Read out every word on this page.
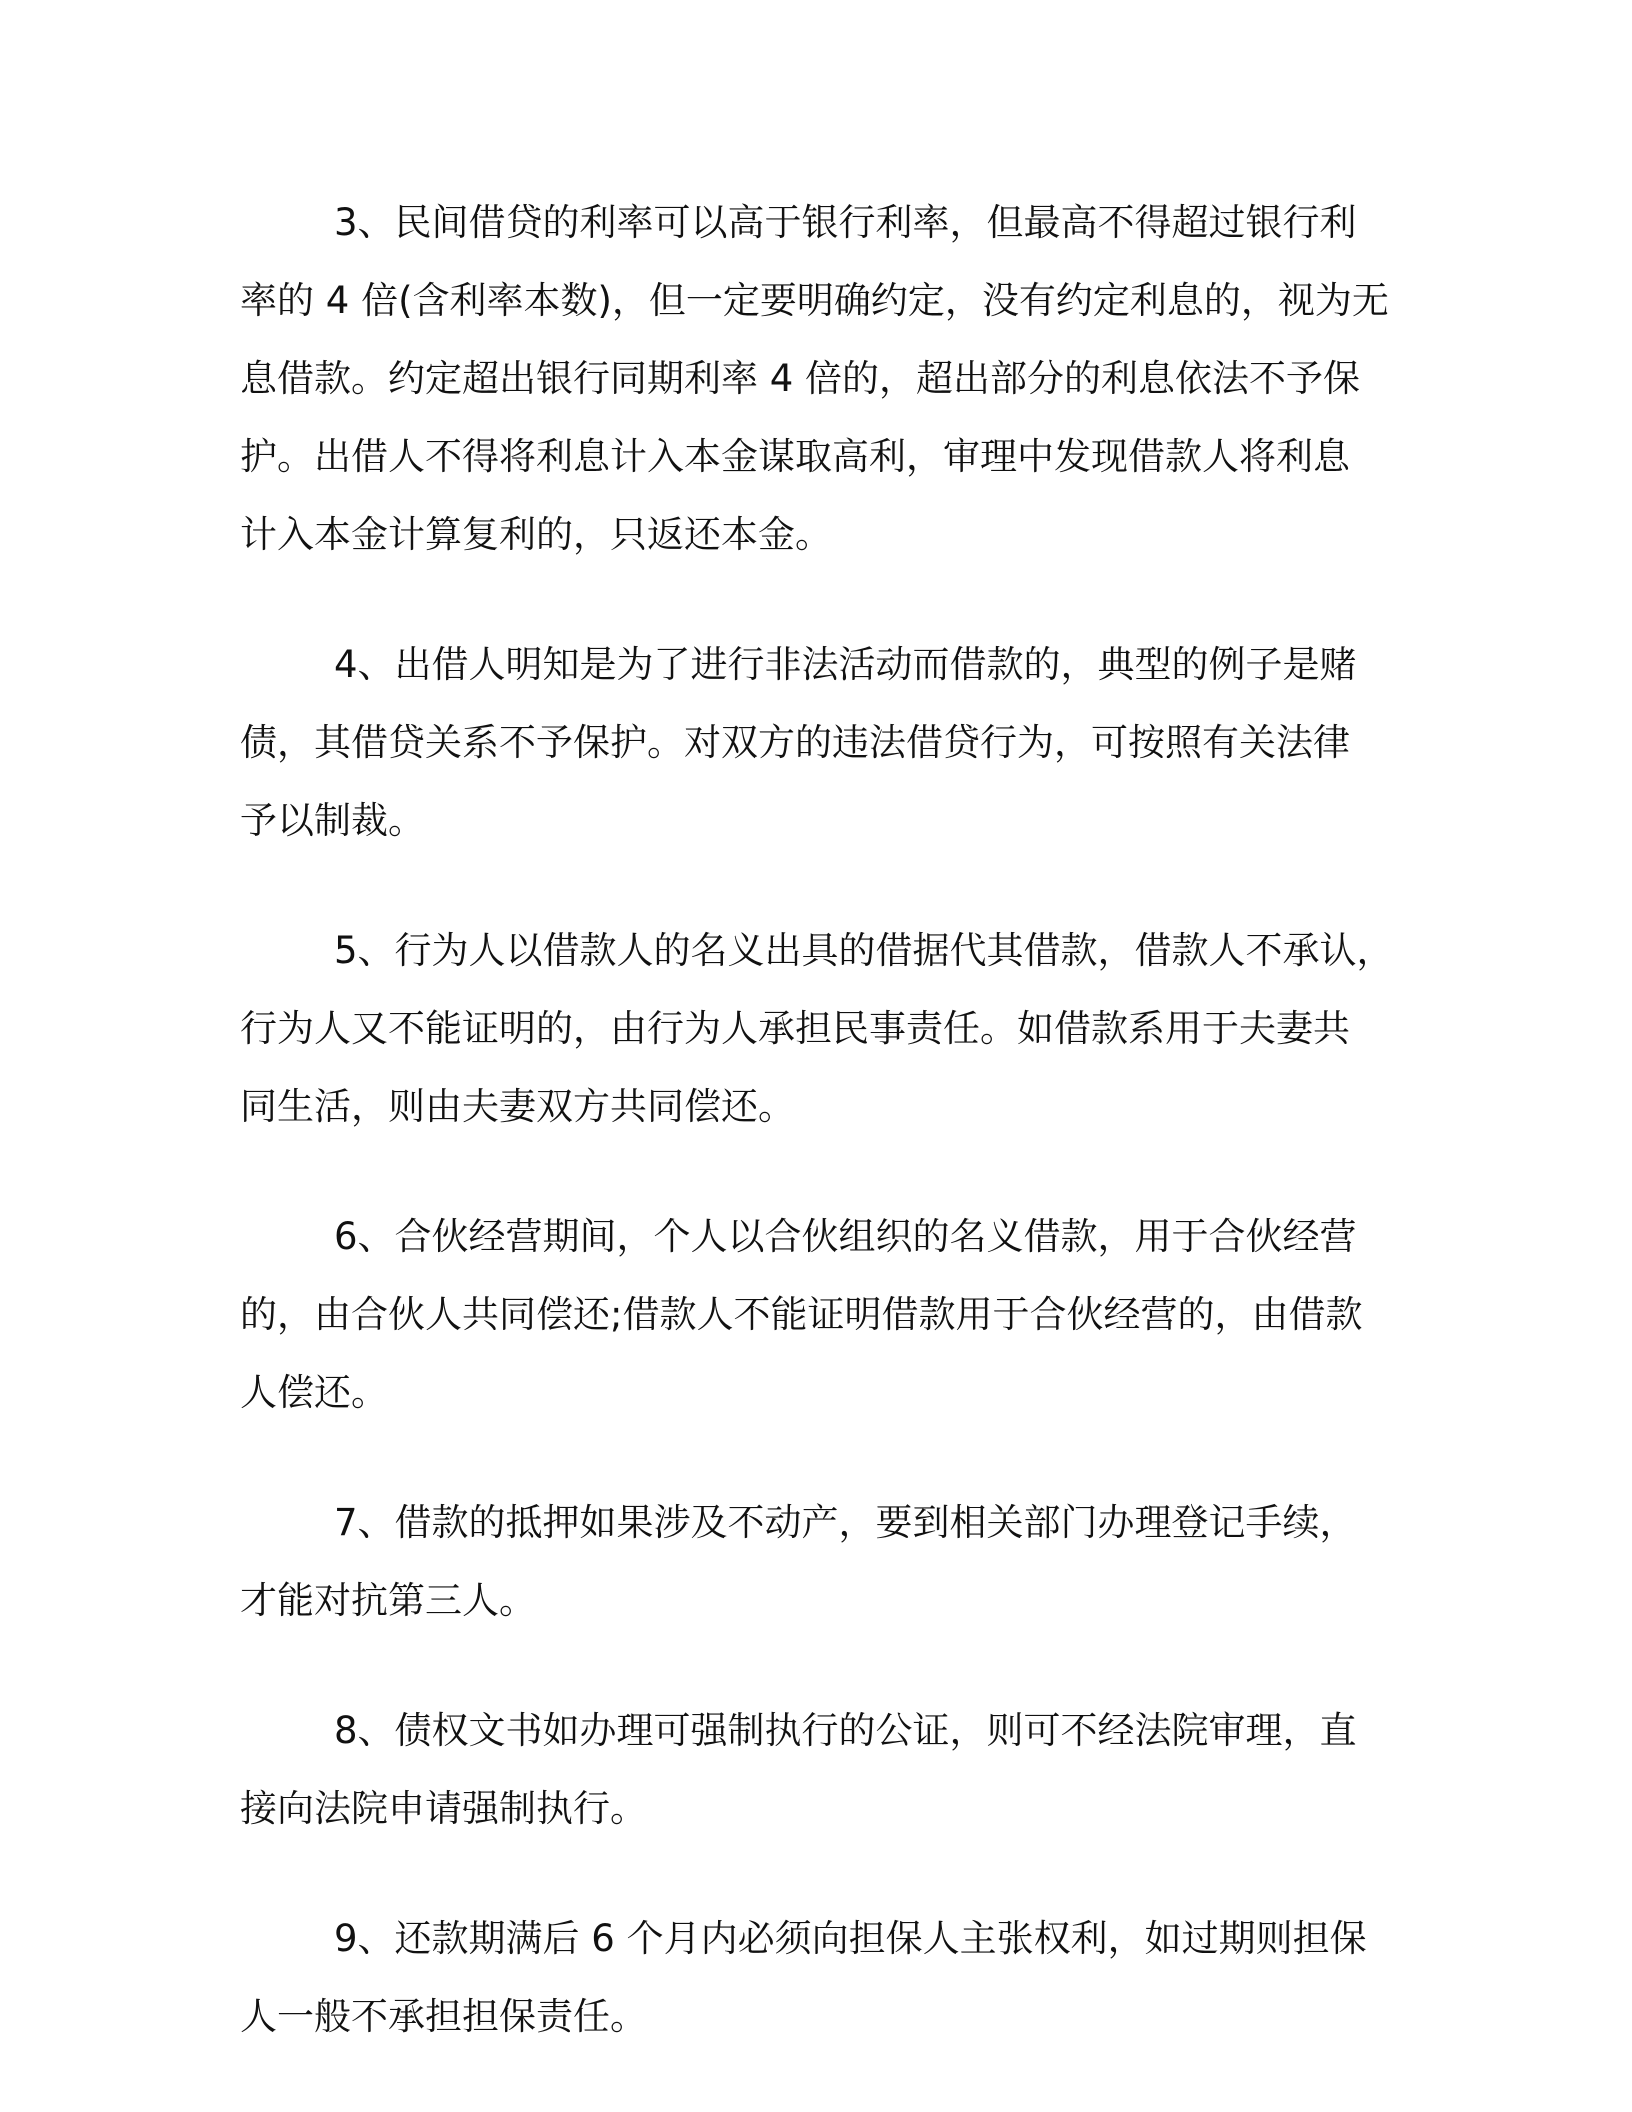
3、民间借贷的利率可以高于银行利率，但最高不得超过银行利
率的 4 倍(含利率本数)，但一定要明确约定，没有约定利息的，视为无
息借款。约定超出银行同期利率 4 倍的，超出部分的利息依法不予保
护。出借人不得将利息计入本金谋取高利，审理中发现借款人将利息
计入本金计算复利的，只返还本金。

4、出借人明知是为了进行非法活动而借款的，典型的例子是赌
债，其借贷关系不予保护。对双方的违法借贷行为，可按照有关法律
予以制裁。

5、行为人以借款人的名义出具的借据代其借款，借款人不承认，
行为人又不能证明的，由行为人承担民事责任。如借款系用于夫妻共
同生活，则由夫妻双方共同偿还。

6、合伙经营期间，个人以合伙组织的名义借款，用于合伙经营
的，由合伙人共同偿还;借款人不能证明借款用于合伙经营的，由借款
人偿还。

7、借款的抵押如果涉及不动产，要到相关部门办理登记手续，
才能对抗第三人。

8、债权文书如办理可强制执行的公证，则可不经法院审理，直
接向法院申请强制执行。

9、还款期满后 6 个月内必须向担保人主张权利，如过期则担保
人一般不承担担保责任。
